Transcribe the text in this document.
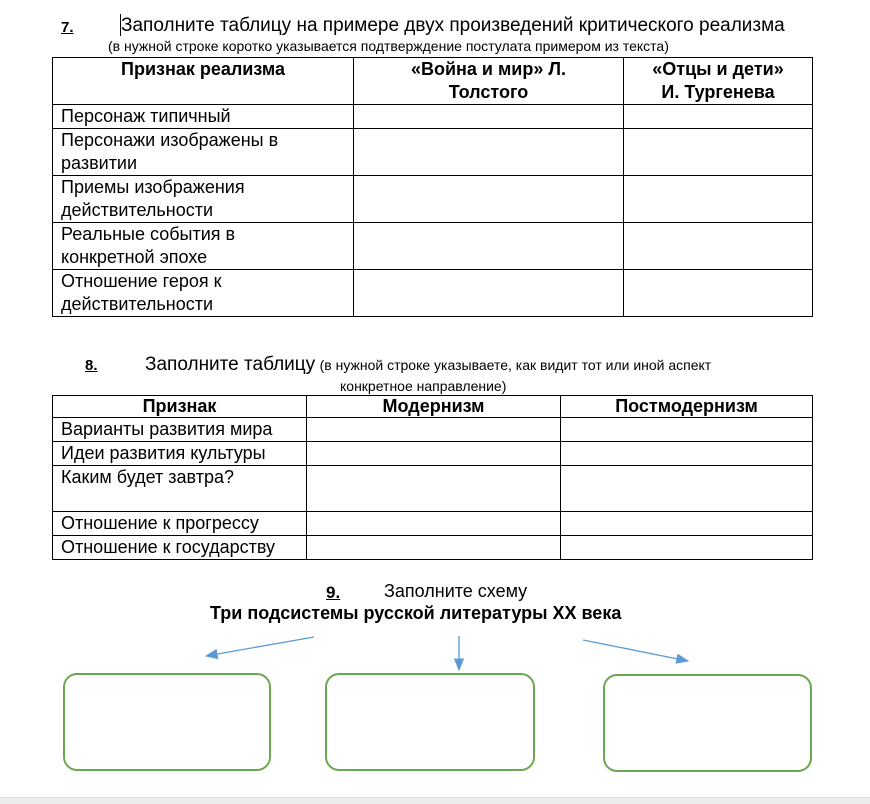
7. Заполните таблицу на примере двух произведений критического реализма
(в нужной строке коротко указывается подтверждение постулата примером из текста)
Признак реализма	«Война и мир» Л. Толстого	«Отцы и дети» И. Тургенева
Персонаж типичный		
Персонажи изображены в развитии		
Приемы изображения действительности		
Реальные события в конкретной эпохе		
Отношение героя к действительности		
8. Заполните таблицу (в нужной строке указываете, как видит тот или иной аспект
конкретное направление)
Признак	Модернизм	Постмодернизм
Варианты развития мира		
Идеи развития культуры		
Каким будет завтра?		
Отношение к прогрессу		
Отношение к государству		
9. Заполните схему
Три подсистемы русской литературы XX века
